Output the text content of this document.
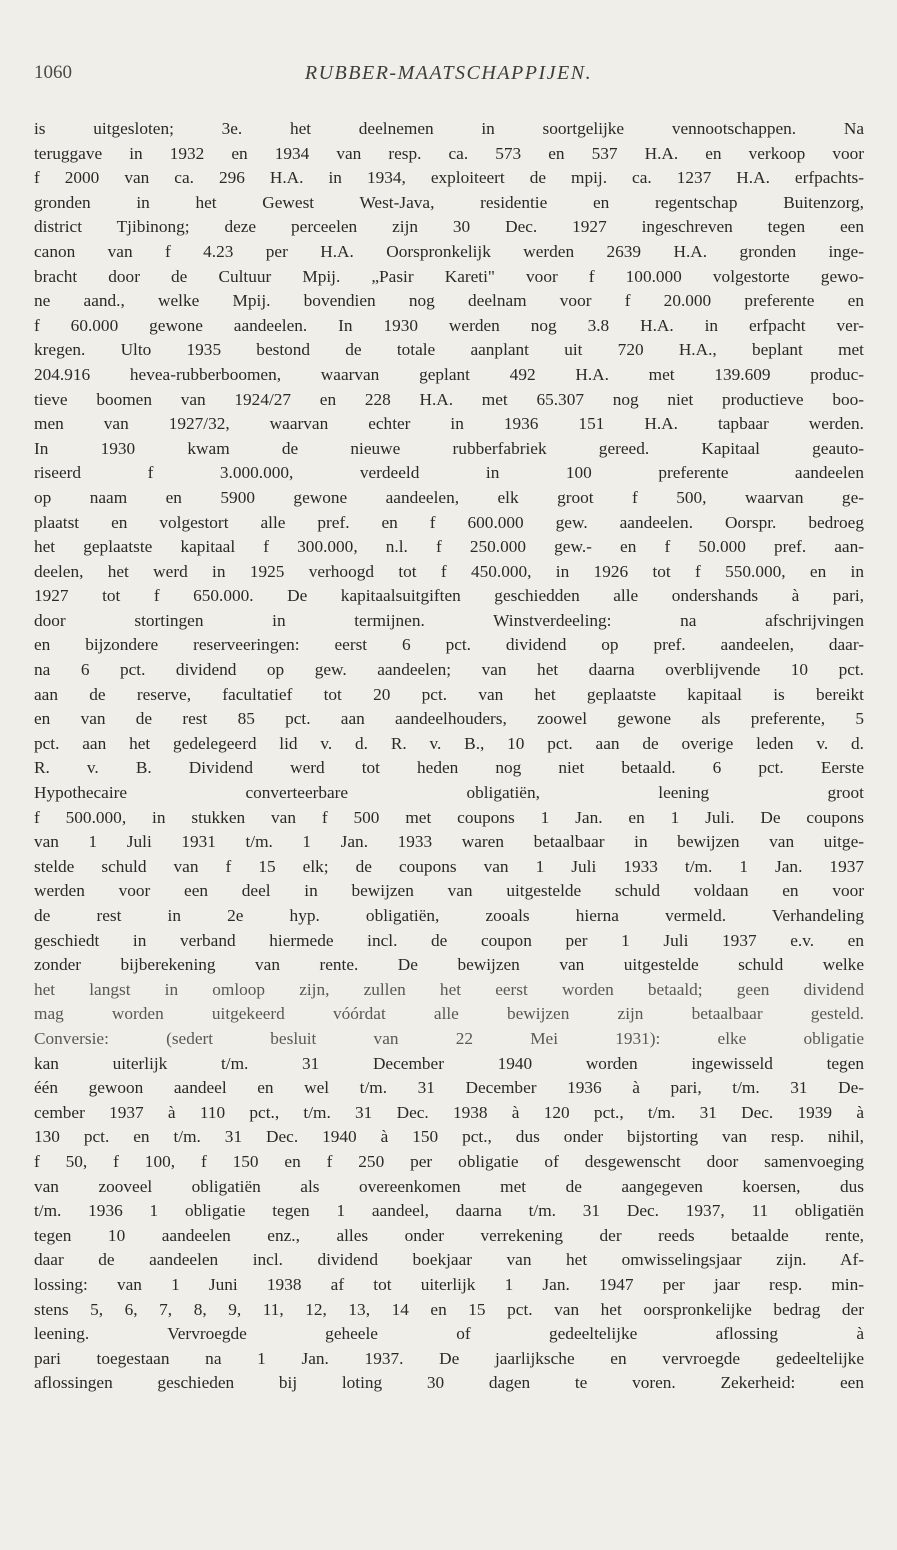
1060	RUBBER-MAATSCHAPPIJEN.
is uitgesloten; 3e. het deelnemen in soortgelijke vennootschappen. Na
teruggave in 1932 en 1934 van resp. ca. 573 en 537 H.A. en verkoop voor
f 2000 van ca. 296 H.A. in 1934, exploiteert de mpij. ca. 1237 H.A. erfpachts-
gronden in het Gewest West-Java, residentie en regentschap Buitenzorg,
district Tjibinong; deze perceelen zijn 30 Dec. 1927 ingeschreven tegen een
canon van f 4.23 per H.A. Oorspronkelijk werden 2639 H.A. gronden inge-
bracht door de Cultuur Mpij. „Pasir Kareti" voor f 100.000 volgestorte gewo-
ne aand., welke Mpij. bovendien nog deelnam voor f 20.000 preferente en
f 60.000 gewone aandeelen. In 1930 werden nog 3.8 H.A. in erfpacht ver-
kregen. Ulto 1935 bestond de totale aanplant uit 720 H.A., beplant met
204.916 hevea-rubberboomen, waarvan geplant 492 H.A. met 139.609 produc-
tieve boomen van 1924/27 en 228 H.A. met 65.307 nog niet productieve boo-
men van 1927/32, waarvan echter in 1936 151 H.A. tapbaar werden.
In 1930 kwam de nieuwe rubberfabriek gereed. Kapitaal geauto-
riseerd f 3.000.000, verdeeld in 100 preferente aandeelen
op naam en 5900 gewone aandeelen, elk groot f 500, waarvan ge-
plaatst en volgestort alle pref. en f 600.000 gew. aandeelen. Oorspr. bedroeg
het geplaatste kapitaal f 300.000, n.l. f 250.000 gew.- en f 50.000 pref. aan-
deelen, het werd in 1925 verhoogd tot f 450.000, in 1926 tot f 550.000, en in
1927 tot f 650.000. De kapitaalsuitgiften geschiedden alle ondershands à pari,
door stortingen in termijnen. Winstverdeeling: na afschrijvingen
en bijzondere reserveeringen: eerst 6 pct. dividend op pref. aandeelen, daar-
na 6 pct. dividend op gew. aandeelen; van het daarna overblijvende 10 pct.
aan de reserve, facultatief tot 20 pct. van het geplaatste kapitaal is bereikt
en van de rest 85 pct. aan aandeelhouders, zoowel gewone als preferente, 5
pct. aan het gedelegeerd lid v. d. R. v. B., 10 pct. aan de overige leden v. d.
R. v. B. Dividend werd tot heden nog niet betaald. 6 pct. Eerste
Hypothecaire converteerbare obligatiën, leening groot
f 500.000, in stukken van f 500 met coupons 1 Jan. en 1 Juli. De coupons
van 1 Juli 1931 t/m. 1 Jan. 1933 waren betaalbaar in bewijzen van uitge-
stelde schuld van f 15 elk; de coupons van 1 Juli 1933 t/m. 1 Jan. 1937
werden voor een deel in bewijzen van uitgestelde schuld voldaan en voor
de rest in 2e hyp. obligatiën, zooals hierna vermeld. Verhandeling
geschiedt in verband hiermede incl. de coupon per 1 Juli 1937 e.v. en
zonder bijberekening van rente. De bewijzen van uitgestelde schuld welke
het langst in omloop zijn, zullen het eerst worden betaald; geen dividend
mag worden uitgekeerd vóórdat alle bewijzen zijn betaalbaar gesteld.
Conversie: (sedert besluit van 22 Mei 1931): elke obligatie
kan uiterlijk t/m. 31 December 1940 worden ingewisseld tegen
één gewoon aandeel en wel t/m. 31 December 1936 à pari, t/m. 31 De-
cember 1937 à 110 pct., t/m. 31 Dec. 1938 à 120 pct., t/m. 31 Dec. 1939 à
130 pct. en t/m. 31 Dec. 1940 à 150 pct., dus onder bijstorting van resp. nihil,
f 50, f 100, f 150 en f 250 per obligatie of desgewenscht door samenvoeging
van zooveel obligatiën als overeenkomen met de aangegeven koersen, dus
t/m. 1936 1 obligatie tegen 1 aandeel, daarna t/m. 31 Dec. 1937, 11 obligatiën
tegen 10 aandeelen enz., alles onder verrekening der reeds betaalde rente,
daar de aandeelen incl. dividend boekjaar van het omwisselingsjaar zijn. Af-
lossing: van 1 Juni 1938 af tot uiterlijk 1 Jan. 1947 per jaar resp. min-
stens 5, 6, 7, 8, 9, 11, 12, 13, 14 en 15 pct. van het oorspronkelijke bedrag der
leening. Vervroegde geheele of gedeeltelijke aflossing à
pari toegestaan na 1 Jan. 1937. De jaarlijksche en vervroegde gedeeltelijke
aflossingen geschieden bij loting 30 dagen te voren. Zekerheid: een
